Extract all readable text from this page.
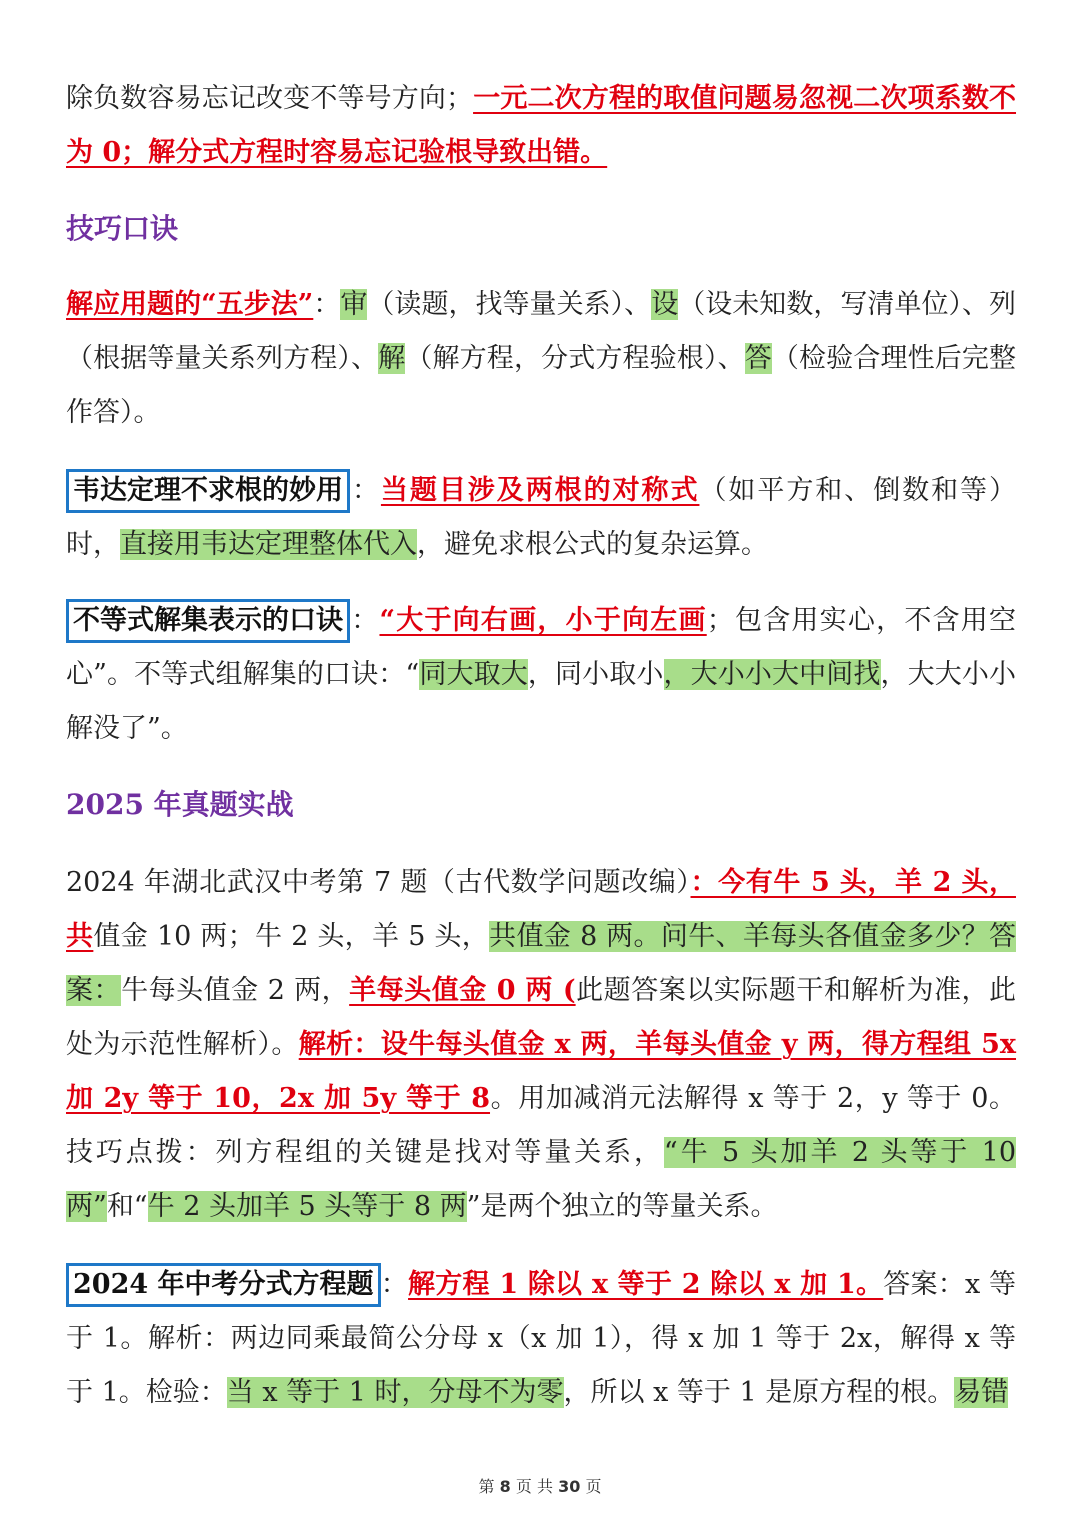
除负数容易忘记改变不等号方向；一元二次方程的取值问题易忽视二次项系数不为 0；解分式方程时容易忘记验根导致出错。

技巧口诀

解应用题的“五步法”：审（读题，找等量关系）、设（设未知数，写清单位）、列（根据等量关系列方程）、解（解方程，分式方程验根）、答（检验合理性后完整作答）。

韦达定理不求根的妙用 ：当题目涉及两根的对称式（如平方和、倒数和等）时，直接用韦达定理整体代入，避免求根公式的复杂运算。

不等式解集表示的口诀 ：“大于向右画，小于向左画；包含用实心，不含用空心”。不等式组解集的口诀：“同大取大，同小取小，大小小大中间找，大大小小解没了”。

2025 年真题实战

2024 年湖北武汉中考第 7 题（古代数学问题改编）：今有牛 5 头，羊 2 头，共值金 10 两；牛 2 头，羊 5 头，共值金 8 两。问牛、羊每头各值金多少？答案：牛每头值金 2 两，羊每头值金 0 两 (此题答案以实际题干和解析为准，此处为示范性解析）。解析：设牛每头值金 x 两，羊每头值金 y 两，得方程组 5x 加 2y 等于 10，2x 加 5y 等于 8。用加减消元法解得 x 等于 2，y 等于 0。技巧点拨：列方程组的关键是找对等量关系，“牛 5 头加羊 2 头等于 10 两”和“牛 2 头加羊 5 头等于 8 两”是两个独立的等量关系。

2024 年中考分式方程题 ：解方程 1 除以 x 等于 2 除以 x 加 1。答案：x 等于 1。解析：两边同乘最简公分母 x（x 加 1），得 x 加 1 等于 2x，解得 x 等于 1。检验：当 x 等于 1 时，分母不为零，所以 x 等于 1 是原方程的根。易错

第 8 页 共 30 页
